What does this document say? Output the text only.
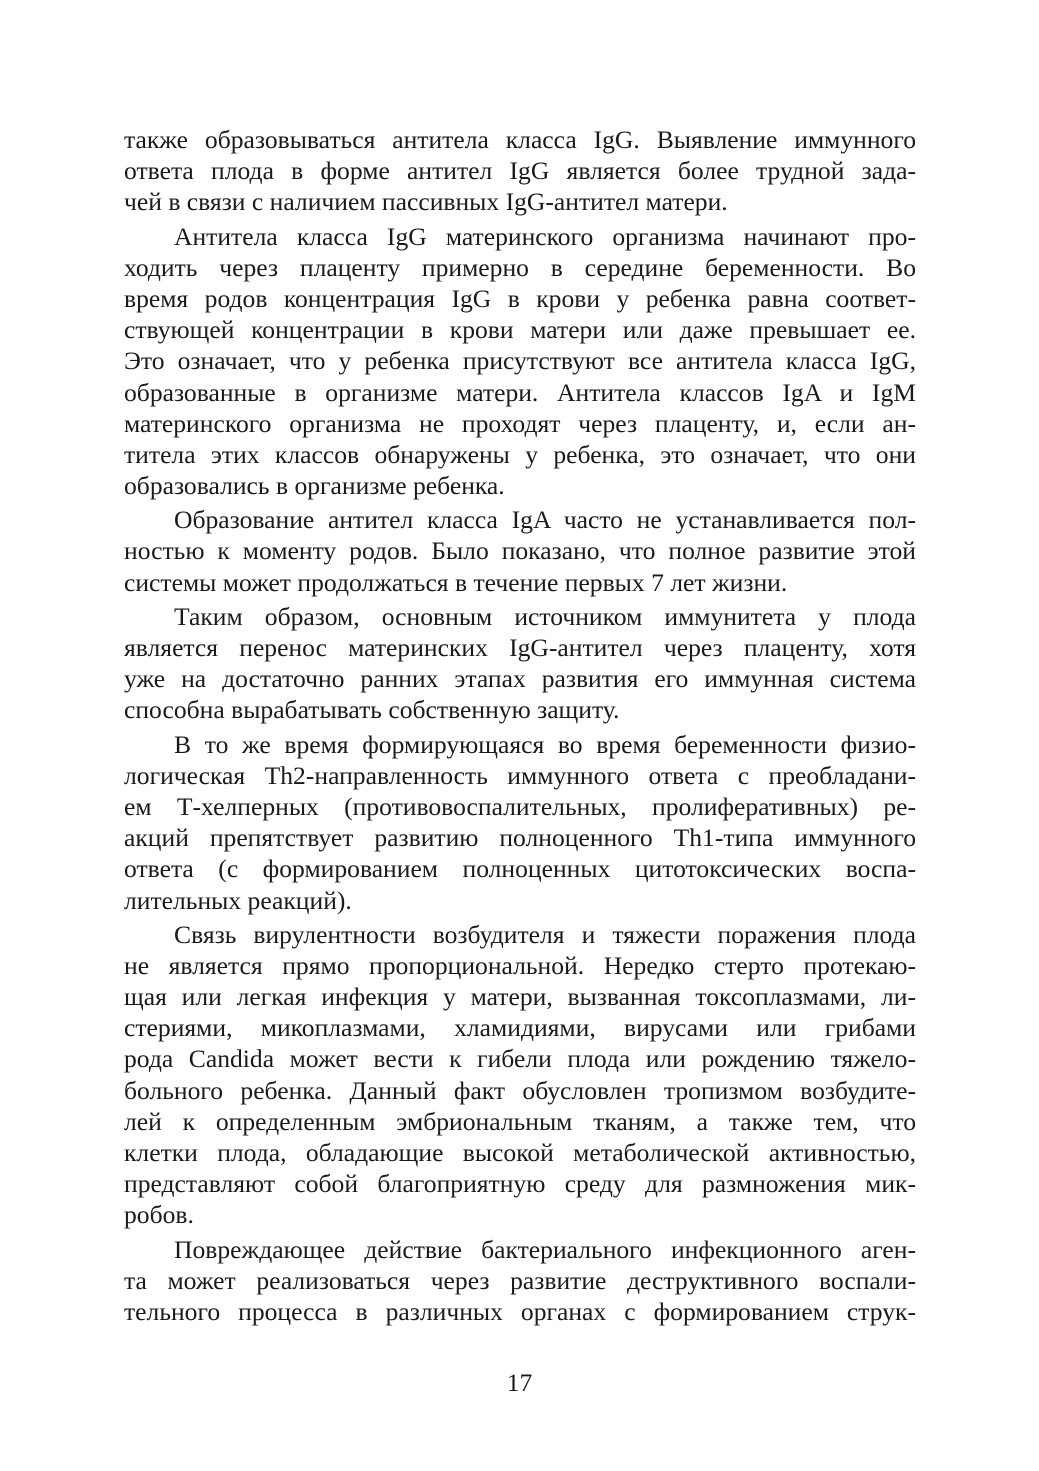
также образовываться антитела класса IgG. Выявление иммунного
ответа плода в форме антител IgG является более трудной зада-
чей в связи с наличием пассивных IgG-антител матери.
Антитела класса IgG материнского организма начинают про-
ходить через плаценту примерно в середине беременности. Во
время родов концентрация IgG в крови у ребенка равна соответ-
ствующей концентрации в крови матери или даже превышает ее.
Это означает, что у ребенка присутствуют все антитела класса IgG,
образованные в организме матери. Антитела классов IgA и IgM
материнского организма не проходят через плаценту, и, если ан-
титела этих классов обнаружены у ребенка, это означает, что они
образовались в организме ребенка.
Образование антител класса IgA часто не устанавливается пол-
ностью к моменту родов. Было показано, что полное развитие этой
системы может продолжаться в течение первых 7 лет жизни.
Таким образом, основным источником иммунитета у плода
является перенос материнских IgG-антител через плаценту, хотя
уже на достаточно ранних этапах развития его иммунная система
способна вырабатывать собственную защиту.
В то же время формирующаяся во время беременности физио-
логическая Th2-направленность иммунного ответа с преобладани-
ем Т-хелперных (противовоспалительных, пролиферативных) ре-
акций препятствует развитию полноценного Th1-типа иммунного
ответа (с формированием полноценных цитотоксических воспа-
лительных реакций).
Связь вирулентности возбудителя и тяжести поражения плода
не является прямо пропорциональной. Нередко стерто протекаю-
щая или легкая инфекция у матери, вызванная токсоплазмами, ли-
стериями, микоплазмами, хламидиями, вирусами или грибами
рода Candida может вести к гибели плода или рождению тяжело-
больного ребенка. Данный факт обусловлен тропизмом возбудите-
лей к определенным эмбриональным тканям, а также тем, что
клетки плода, обладающие высокой метаболической активностью,
представляют собой благоприятную среду для размножения мик-
робов.
Повреждающее действие бактериального инфекционного аген-
та может реализоваться через развитие деструктивного воспали-
тельного процесса в различных органах с формированием струк-
17
